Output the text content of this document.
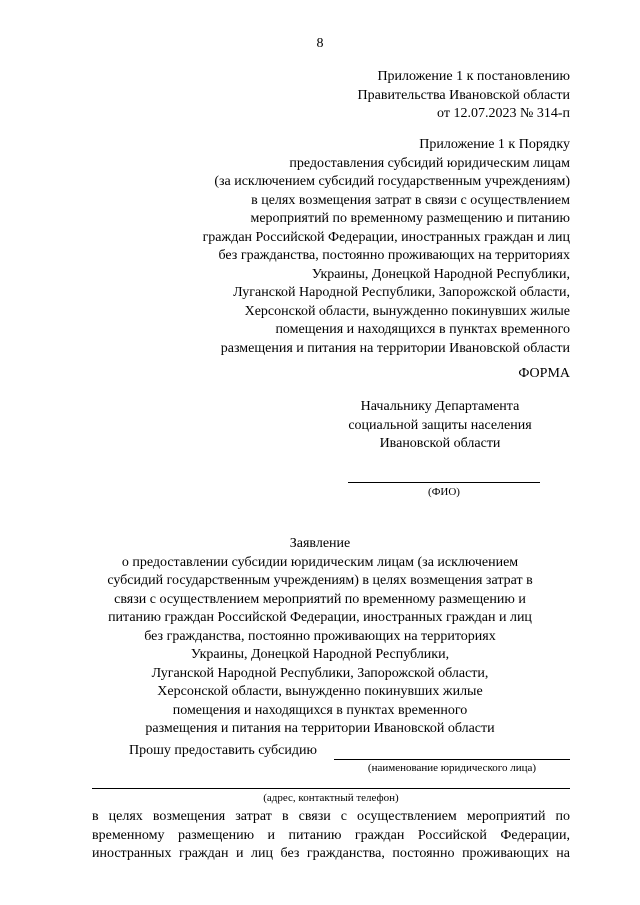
8
Приложение 1 к постановлению
Правительства Ивановской области
от 12.07.2023 № 314-п
Приложение 1 к Порядку
предоставления субсидий юридическим лицам
(за исключением субсидий государственным учреждениям)
в целях возмещения затрат в связи с осуществлением
мероприятий по временному размещению и питанию
граждан Российской Федерации, иностранных граждан и лиц
без гражданства, постоянно проживающих на территориях
Украины, Донецкой Народной Республики,
Луганской Народной Республики, Запорожской области,
Херсонской области, вынужденно покинувших жилые
помещения и находящихся в пунктах временного
размещения и питания на территории Ивановской области
ФОРМА
Начальнику Департамента
социальной защиты населения
Ивановской области
(ФИО)
Заявление
о предоставлении субсидии юридическим лицам (за исключением
субсидий государственным учреждениям) в целях возмещения затрат в
связи с осуществлением мероприятий по временному размещению и
питанию граждан Российской Федерации, иностранных граждан и лиц
без гражданства, постоянно проживающих на территориях
Украины, Донецкой Народной Республики,
Луганской Народной Республики, Запорожской области,
Херсонской области, вынужденно покинувших жилые
помещения и находящихся в пунктах временного
размещения и питания на территории Ивановской области
Прошу предоставить субсидию
(наименование юридического лица)
(адрес, контактный телефон)
в целях возмещения затрат в связи с осуществлением мероприятий по
временному размещению и питанию граждан Российской Федерации,
иностранных граждан и лиц без гражданства, постоянно проживающих на
